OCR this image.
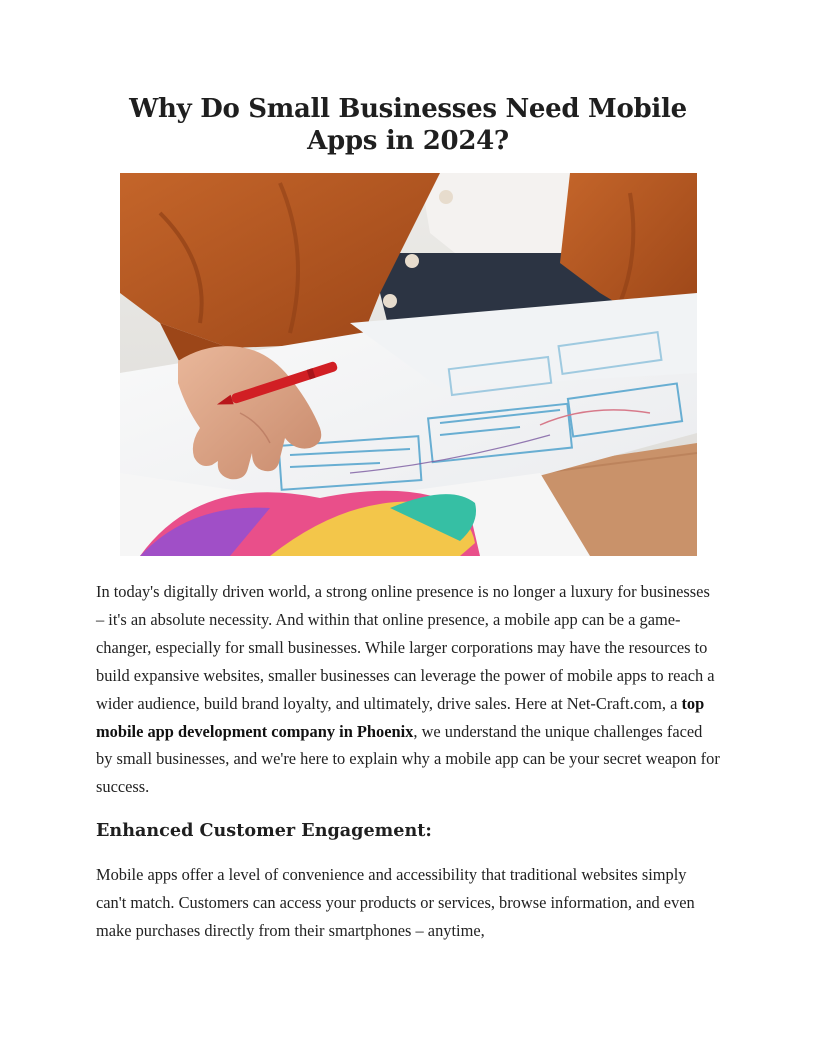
Why Do Small Businesses Need Mobile Apps in 2024?

In today's digitally driven world, a strong online presence is no longer a luxury for businesses – it's an absolute necessity. And within that online presence, a mobile app can be a game-changer, especially for small businesses. While larger corporations may have the resources to build expansive websites, smaller businesses can leverage the power of mobile apps to reach a wider audience, build brand loyalty, and ultimately, drive sales. Here at Net-Craft.com, a top mobile app development company in Phoenix, we understand the unique challenges faced by small businesses, and we're here to explain why a mobile app can be your secret weapon for success.

Enhanced Customer Engagement:

Mobile apps offer a level of convenience and accessibility that traditional websites simply can't match. Customers can access your products or services, browse information, and even make purchases directly from their smartphones – anytime,
